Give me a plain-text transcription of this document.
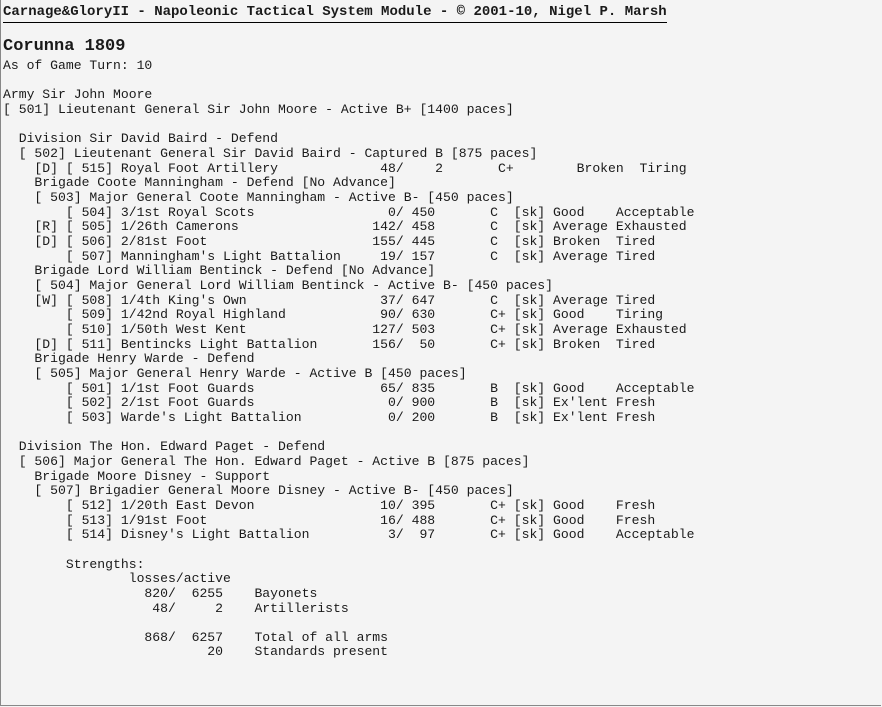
Carnage&GloryII - Napoleonic Tactical System Module - © 2001-10, Nigel P. Marsh
Corunna 1809
As of Game Turn: 10
Army Sir John Moore
[ 501] Lieutenant General Sir John Moore - Active B+ [1400 paces]
Division Sir David Baird - Defend
[ 502] Lieutenant General Sir David Baird - Captured B [875 paces]
[D] [ 515] Royal Foot Artillery             48/    2       C+        Broken  Tiring
Brigade Coote Manningham - Defend [No Advance]
[ 503] Major General Coote Manningham - Active B- [450 paces]
[ 504] 3/1st Royal Scots                 0/ 450       C  [sk] Good    Acceptable
[R] [ 505] 1/26th Camerons                 142/ 458       C  [sk] Average Exhausted
[D] [ 506] 2/81st Foot                     155/ 445       C  [sk] Broken  Tired
[ 507] Manningham's Light Battalion     19/ 157       C  [sk] Average Tired
Brigade Lord William Bentinck - Defend [No Advance]
[ 504] Major General Lord William Bentinck - Active B- [450 paces]
[W] [ 508] 1/4th King's Own                 37/ 647       C  [sk] Average Tired
[ 509] 1/42nd Royal Highland            90/ 630       C+ [sk] Good    Tiring
[ 510] 1/50th West Kent                127/ 503       C+ [sk] Average Exhausted
[D] [ 511] Bentincks Light Battalion       156/  50       C+ [sk] Broken  Tired
Brigade Henry Warde - Defend
[ 505] Major General Henry Warde - Active B [450 paces]
[ 501] 1/1st Foot Guards                65/ 835       B  [sk] Good    Acceptable
[ 502] 2/1st Foot Guards                 0/ 900       B  [sk] Ex'lent Fresh
[ 503] Warde's Light Battalion           0/ 200       B  [sk] Ex'lent Fresh
Division The Hon. Edward Paget - Defend
[ 506] Major General The Hon. Edward Paget - Active B [875 paces]
Brigade Moore Disney - Support
[ 507] Brigadier General Moore Disney - Active B- [450 paces]
[ 512] 1/20th East Devon                10/ 395       C+ [sk] Good    Fresh
[ 513] 1/91st Foot                      16/ 488       C+ [sk] Good    Fresh
[ 514] Disney's Light Battalion          3/  97       C+ [sk] Good    Acceptable
Strengths:
losses/active
820/  6255    Bayonets
48/     2    Artillerists
868/  6257    Total of all arms
20    Standards present
